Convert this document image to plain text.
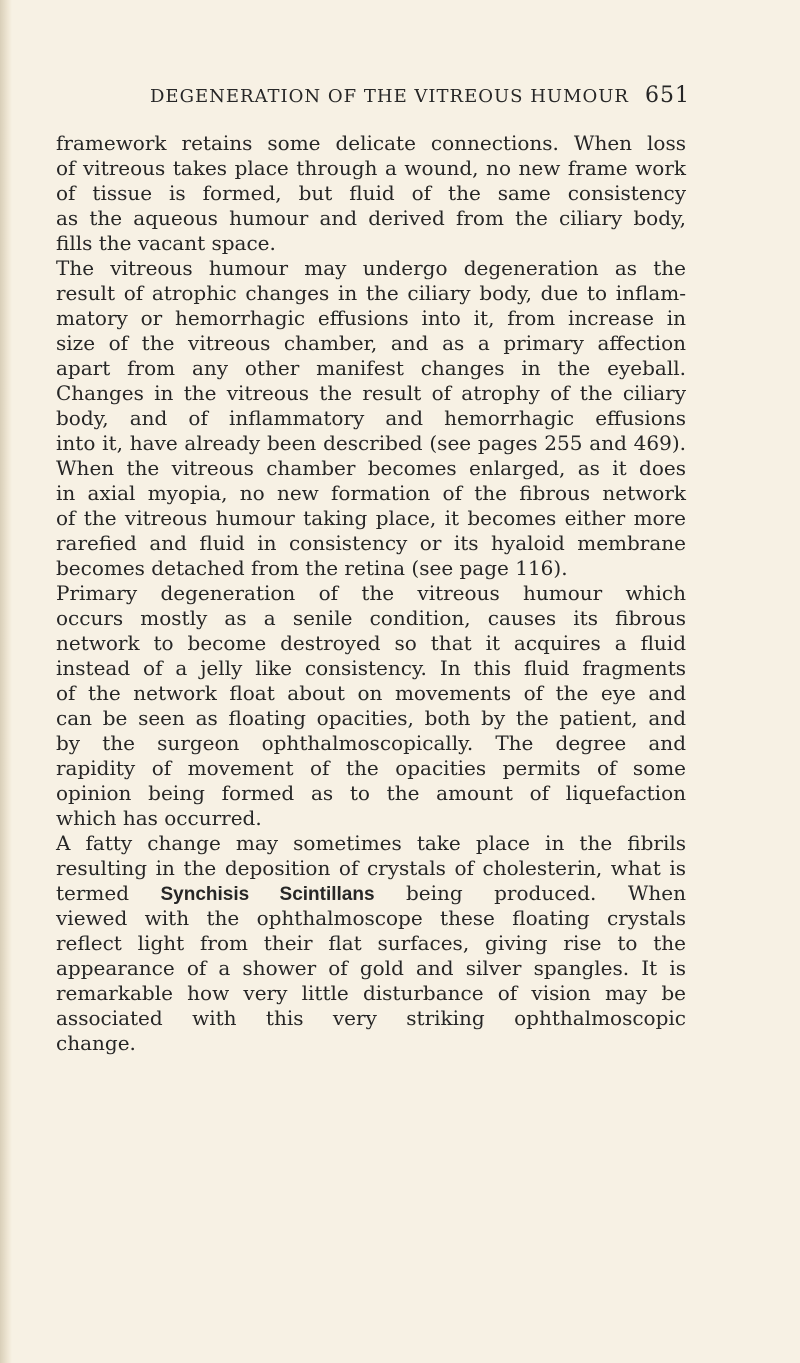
DEGENERATION OF THE VITREOUS HUMOUR 651
framework retains some delicate connections. When loss
of vitreous takes place through a wound, no new frame work
of tissue is formed, but fluid of the same consistency
as the aqueous humour and derived from the ciliary body,
fills the vacant space.
The vitreous humour may undergo degeneration as the
result of atrophic changes in the ciliary body, due to inflam-
matory or hemorrhagic effusions into it, from increase in
size of the vitreous chamber, and as a primary affection
apart from any other manifest changes in the eyeball.
Changes in the vitreous the result of atrophy of the ciliary
body, and of inflammatory and hemorrhagic effusions
into it, have already been described (see pages 255 and 469).
When the vitreous chamber becomes enlarged, as it does
in axial myopia, no new formation of the fibrous network
of the vitreous humour taking place, it becomes either more
rarefied and fluid in consistency or its hyaloid membrane
becomes detached from the retina (see page 116).
Primary degeneration of the vitreous humour which
occurs mostly as a senile condition, causes its fibrous
network to become destroyed so that it acquires a fluid
instead of a jelly like consistency. In this fluid fragments
of the network float about on movements of the eye and
can be seen as floating opacities, both by the patient, and
by the surgeon ophthalmoscopically. The degree and
rapidity of movement of the opacities permits of some
opinion being formed as to the amount of liquefaction
which has occurred.
A fatty change may sometimes take place in the fibrils
resulting in the deposition of crystals of cholesterin, what is
termed Synchisis Scintillans being produced. When
viewed with the ophthalmoscope these floating crystals
reflect light from their flat surfaces, giving rise to the
appearance of a shower of gold and silver spangles. It is
remarkable how very little disturbance of vision may be
associated with this very striking ophthalmoscopic
change.
